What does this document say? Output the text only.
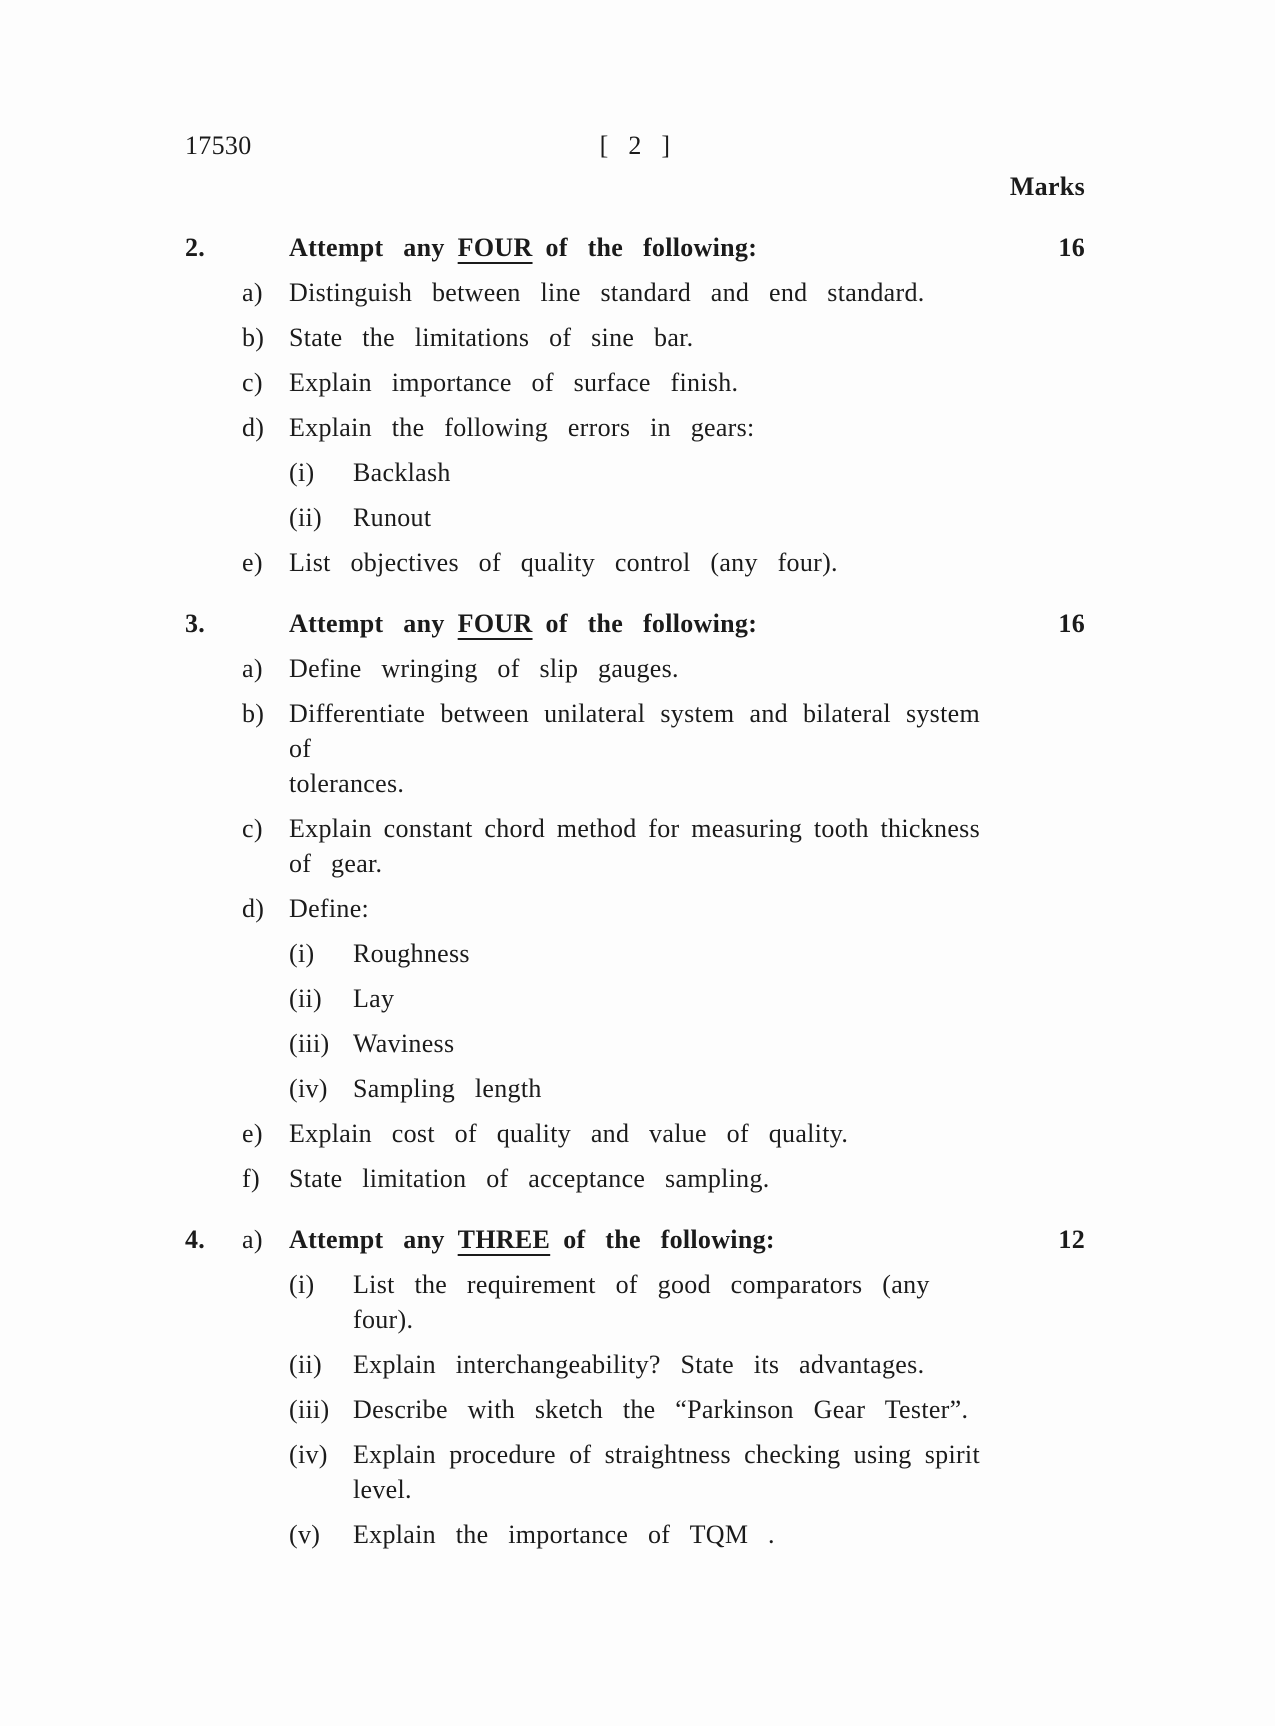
17530	[ 2 ]
Marks
2.	Attempt any FOUR of the following:	16
a)	Distinguish between line standard and end standard.
b) State the limitations of sine bar.
c)	Explain importance of surface finish.
d) Explain the following errors in gears:
(i)	Backlash
(ii)	Runout
e)	List objectives of quality control (any four).
3.	Attempt any FOUR of the following:	16
a)	Define wringing of slip gauges.
b) Differentiate between unilateral system and bilateral system of
tolerances.
c)	Explain constant chord method for measuring tooth thickness
of gear.
d) Define:
(i)	Roughness
(ii)	Lay
(iii) Waviness
(iv) Sampling length
e)	Explain cost of quality and value of quality.
f)	State limitation of acceptance sampling.
4.	a)	Attempt any THREE of the following:	12
(i)	List the requirement of good comparators (any four).
(ii)	Explain interchangeability? State its advantages.
(iii) Describe with sketch the “Parkinson Gear Tester”.
(iv) Explain procedure of straightness checking using spirit
level.
(v)	Explain the importance of TQM .
